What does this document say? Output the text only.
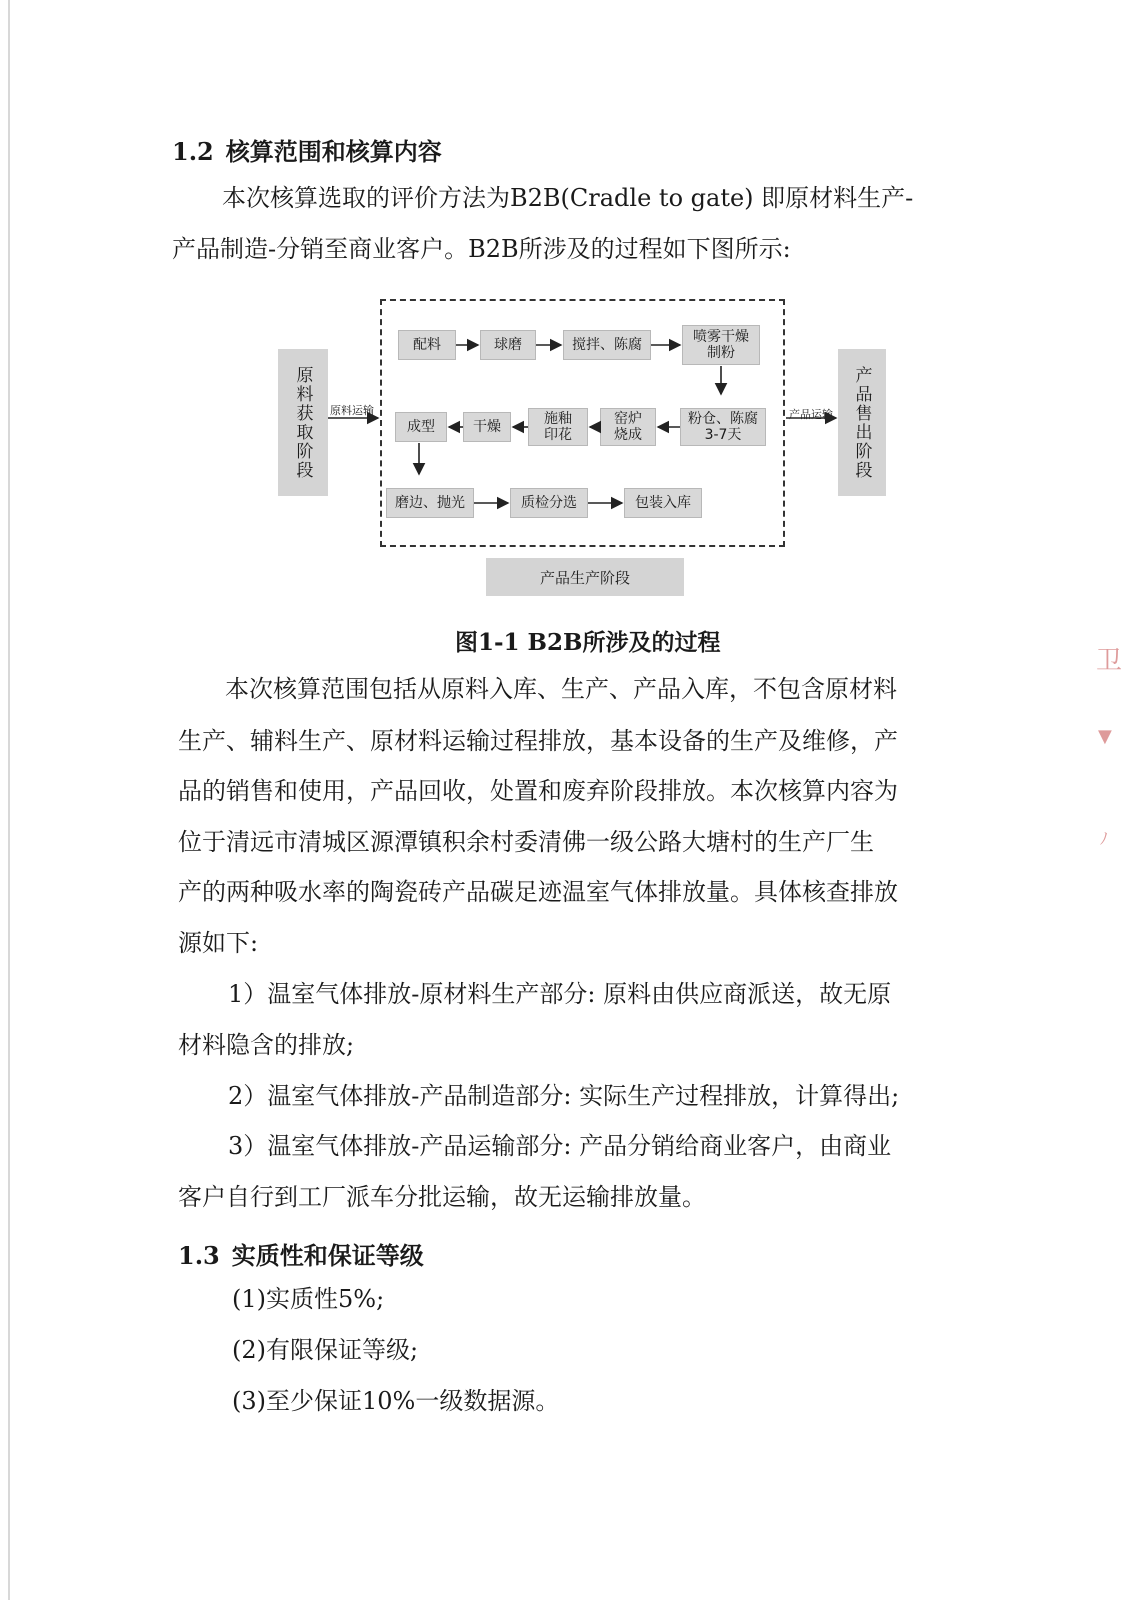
1.2 核算范围和核算内容
本次核算选取的评价方法为B2B(Cradle to gate) 即原材料生产-
产品制造-分销至商业客户。B2B所涉及的过程如下图所示:
原料获取阶段	产品售出阶段
原料运输	产品运输
配料	球磨	搅拌、陈腐	喷雾干燥
制粉
成型	干燥	施釉
印花
窑炉
烧成
粉仓、陈腐
3-7天
磨边、抛光	质检分选	包装入库
产品生产阶段
图1-1 B2B所涉及的过程
本次核算范围包括从原料入库、生产、产品入库，不包含原材料
生产、辅料生产、原材料运输过程排放，基本设备的生产及维修，产
品的销售和使用，产品回收，处置和废弃阶段排放。本次核算内容为
位于清远市清城区源潭镇积余村委清佛一级公路大塘村的生产厂生
产的两种吸水率的陶瓷砖产品碳足迹温室气体排放量。具体核查排放
源如下:
1）温室气体排放-原材料生产部分: 原料由供应商派送，故无原
材料隐含的排放;
2）温室气体排放-产品制造部分: 实际生产过程排放，计算得出;
3）温室气体排放-产品运输部分: 产品分销给商业客户，由商业
客户自行到工厂派车分批运输，故无运输排放量。
1.3 实质性和保证等级
(1)实质性5%;
(2)有限保证等级;
(3)至少保证10%一级数据源。
卫
▼
ﾉ
